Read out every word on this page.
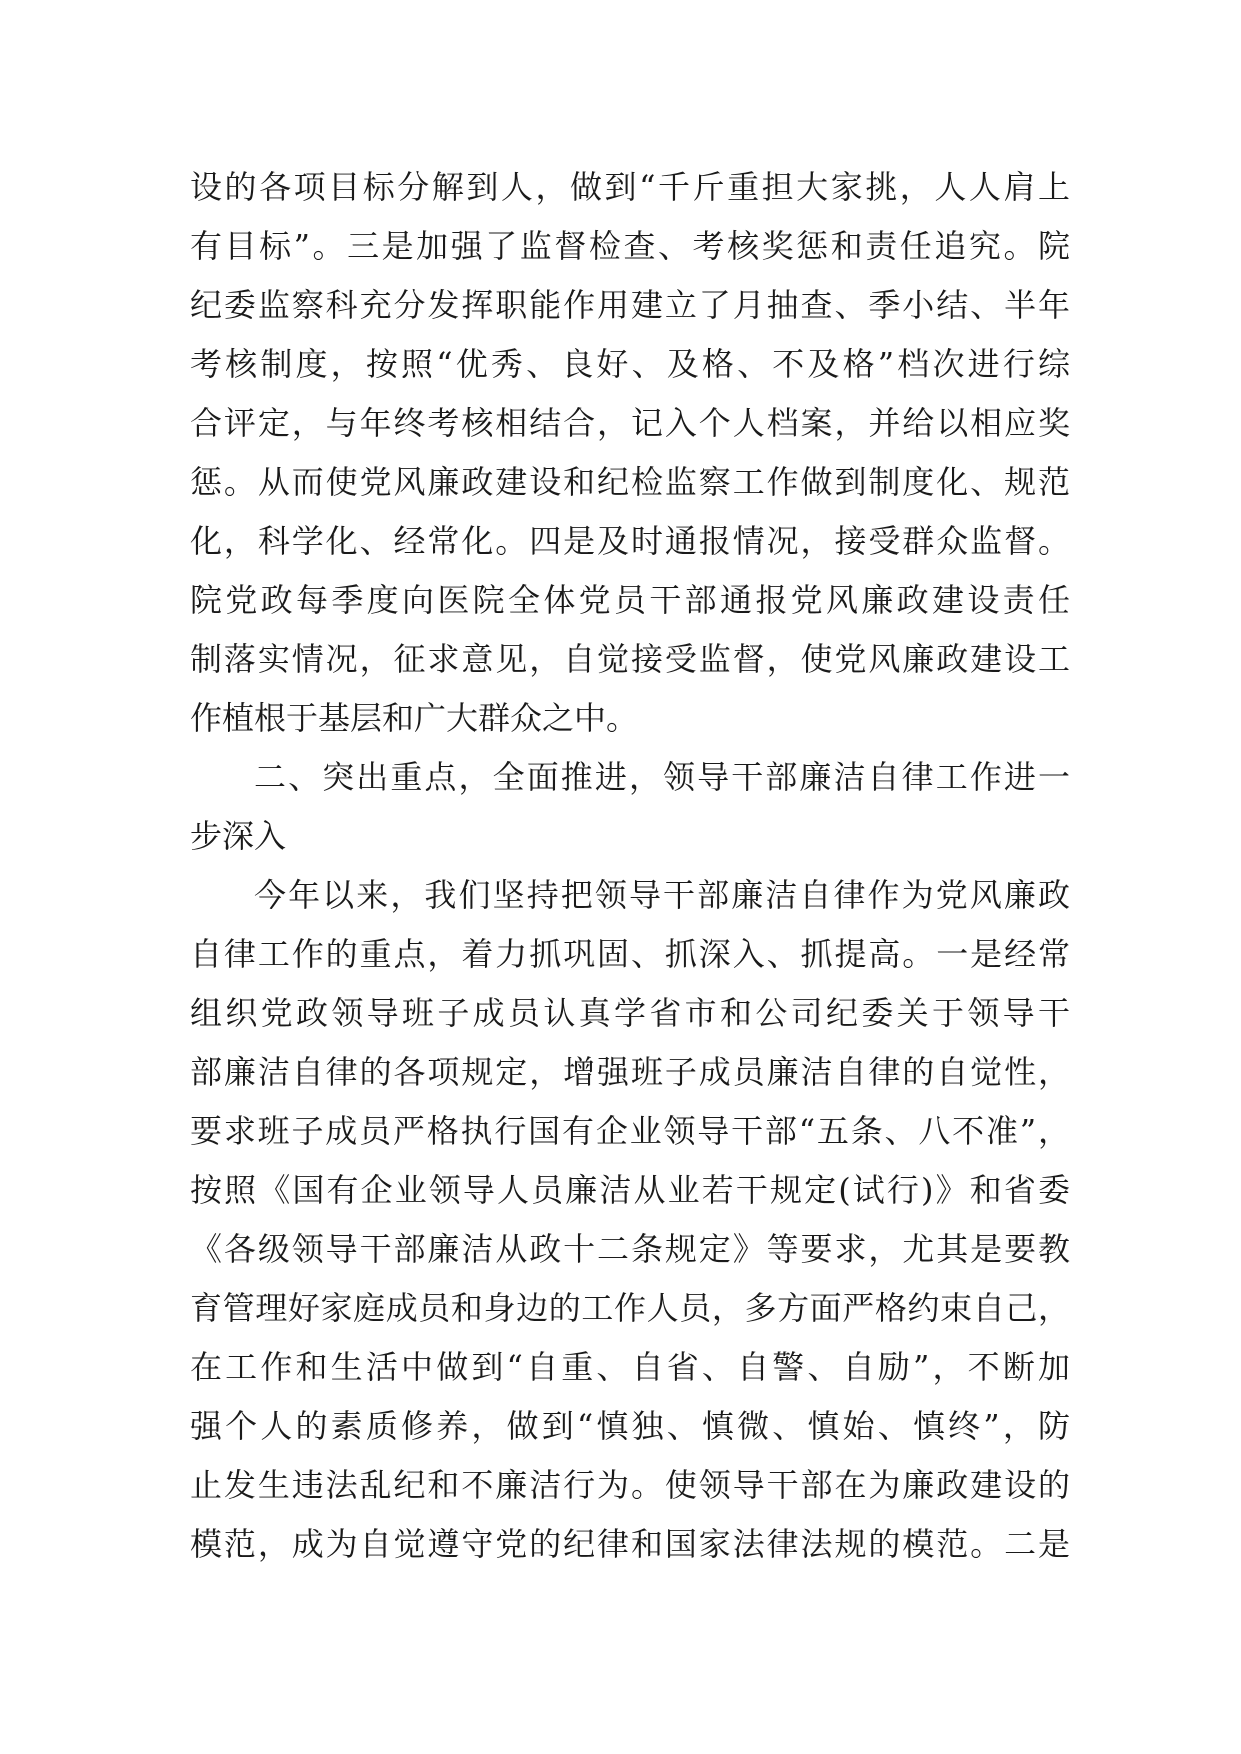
设的各项目标分解到人，做到“千斤重担大家挑，人人肩上
有目标”。三是加强了监督检查、考核奖惩和责任追究。院
纪委监察科充分发挥职能作用建立了月抽查、季小结、半年
考核制度，按照“优秀、良好、及格、不及格”档次进行综
合评定，与年终考核相结合，记入个人档案，并给以相应奖
惩。从而使党风廉政建设和纪检监察工作做到制度化、规范
化，科学化、经常化。四是及时通报情况，接受群众监督。
院党政每季度向医院全体党员干部通报党风廉政建设责任
制落实情况，征求意见，自觉接受监督，使党风廉政建设工
作植根于基层和广大群众之中。
二、突出重点，全面推进，领导干部廉洁自律工作进一
步深入
今年以来，我们坚持把领导干部廉洁自律作为党风廉政
自律工作的重点，着力抓巩固、抓深入、抓提高。一是经常
组织党政领导班子成员认真学省市和公司纪委关于领导干
部廉洁自律的各项规定，增强班子成员廉洁自律的自觉性，
要求班子成员严格执行国有企业领导干部“五条、八不准”，
按照《国有企业领导人员廉洁从业若干规定(试行)》和省委
《各级领导干部廉洁从政十二条规定》等要求，尤其是要教
育管理好家庭成员和身边的工作人员，多方面严格约束自己，
在工作和生活中做到“自重、自省、自警、自励”，不断加
强个人的素质修养，做到“慎独、慎微、慎始、慎终”，防
止发生违法乱纪和不廉洁行为。使领导干部在为廉政建设的
模范，成为自觉遵守党的纪律和国家法律法规的模范。二是
